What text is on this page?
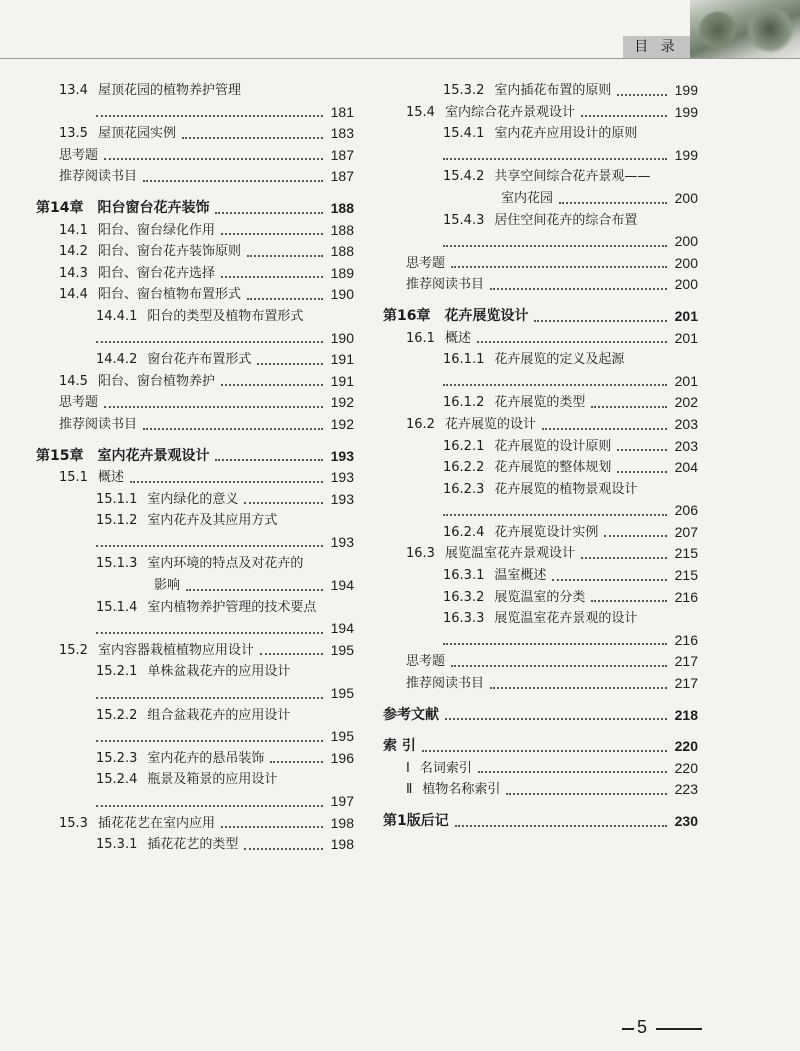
目 录
13.4 屋顶花园的植物养护管理
181
13.5 屋顶花园实例	183
思考题	187
推荐阅读书目	187
第14章 阳台窗台花卉装饰	188
14.1 阳台、窗台绿化作用	188
14.2 阳台、窗台花卉装饰原则	188
14.3 阳台、窗台花卉选择	189
14.4 阳台、窗台植物布置形式	190
14.4.1 阳台的类型及植物布置形式
190
14.4.2 窗台花卉布置形式	191
14.5 阳台、窗台植物养护	191
思考题	192
推荐阅读书目	192
第15章 室内花卉景观设计	193
15.1 概述	193
15.1.1 室内绿化的意义	193
15.1.2 室内花卉及其应用方式
193
15.1.3 室内环境的特点及对花卉的
影响	194
15.1.4 室内植物养护管理的技术要点
194
15.2 室内容器栽植植物应用设计	195
15.2.1 单株盆栽花卉的应用设计
195
15.2.2 组合盆栽花卉的应用设计
195
15.2.3 室内花卉的悬吊装饰	196
15.2.4 瓶景及箱景的应用设计
197
15.3 插花花艺在室内应用	198
15.3.1 插花花艺的类型	198
15.3.2 室内插花布置的原则	199
15.4 室内综合花卉景观设计	199
15.4.1 室内花卉应用设计的原则
199
15.4.2 共享空间综合花卉景观——
室内花园	200
15.4.3 居住空间花卉的综合布置
200
思考题	200
推荐阅读书目	200
第16章 花卉展览设计	201
16.1 概述	201
16.1.1 花卉展览的定义及起源
201
16.1.2 花卉展览的类型	202
16.2 花卉展览的设计	203
16.2.1 花卉展览的设计原则	203
16.2.2 花卉展览的整体规划	204
16.2.3 花卉展览的植物景观设计
206
16.2.4 花卉展览设计实例	207
16.3 展览温室花卉景观设计	215
16.3.1 温室概述	215
16.3.2 展览温室的分类	216
16.3.3 展览温室花卉景观的设计
216
思考题	217
推荐阅读书目	217
参考文献	218
索 引	220
Ⅰ 名词索引	220
Ⅱ 植物名称索引	223
第1版后记	230
5
